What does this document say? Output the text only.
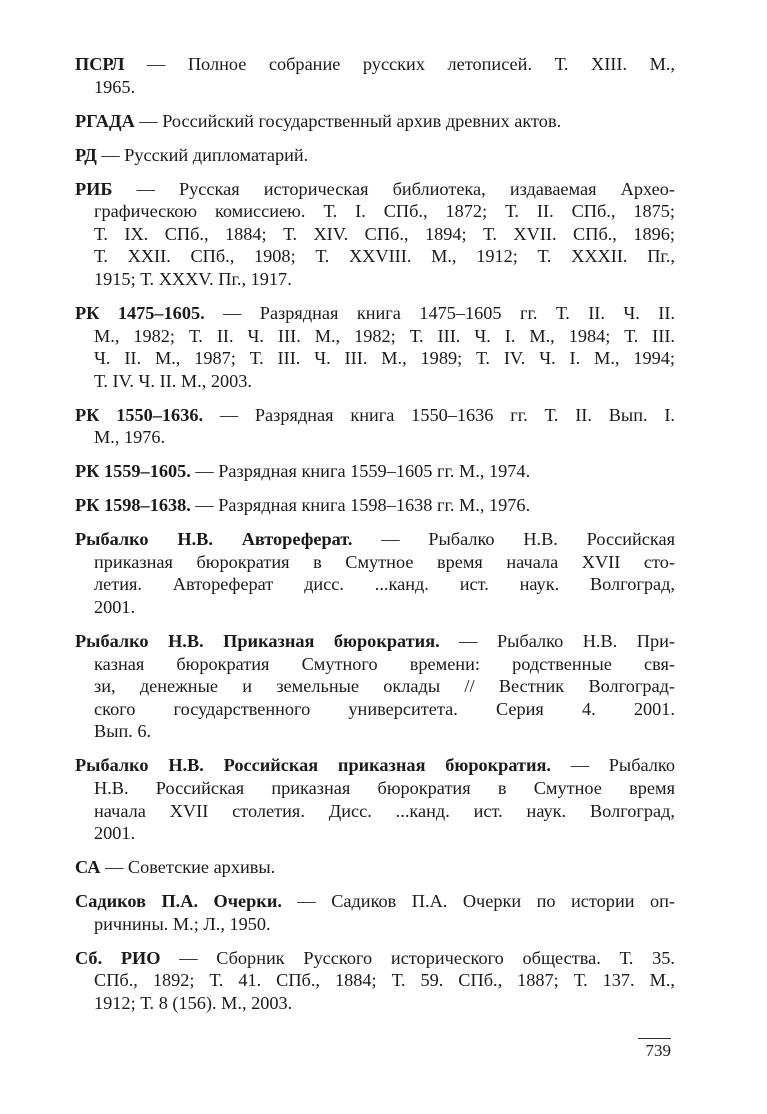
ПСРЛ — Полное собрание русских летописей. Т. XIII. М.,
1965.
РГАДА — Российский государственный архив древних актов.
РД — Русский дипломатарий.
РИБ — Русская историческая библиотека, издаваемая Архео-
графическою комиссиею. Т. I. СПб., 1872; Т. II. СПб., 1875;
Т. IX. СПб., 1884; Т. XIV. СПб., 1894; Т. XVII. СПб., 1896;
Т. XXII. СПб., 1908; Т. XXVIII. М., 1912; Т. XXXII. Пг.,
1915; Т. XXXV. Пг., 1917.
РК 1475–1605. — Разрядная книга 1475–1605 гг. Т. II. Ч. II.
М., 1982; Т. II. Ч. III. М., 1982; Т. III. Ч. I. М., 1984; Т. III.
Ч. II. М., 1987; Т. III. Ч. III. М., 1989; Т. IV. Ч. I. М., 1994;
Т. IV. Ч. II. М., 2003.
РК 1550–1636. — Разрядная книга 1550–1636 гг. Т. II. Вып. I.
М., 1976.
РК 1559–1605. — Разрядная книга 1559–1605 гг. М., 1974.
РК 1598–1638. — Разрядная книга 1598–1638 гг. М., 1976.
Рыбалко Н.В. Автореферат. — Рыбалко Н.В. Российская
приказная бюрократия в Смутное время начала XVII сто-
летия. Автореферат дисс. ...канд. ист. наук. Волгоград,
2001.
Рыбалко Н.В. Приказная бюрократия. — Рыбалко Н.В. При-
казная бюрократия Смутного времени: родственные свя-
зи, денежные и земельные оклады // Вестник Волгоград-
ского государственного университета. Серия 4. 2001.
Вып. 6.
Рыбалко Н.В. Российская приказная бюрократия. — Рыбалко
Н.В. Российская приказная бюрократия в Смутное время
начала XVII столетия. Дисс. ...канд. ист. наук. Волгоград,
2001.
СА — Советские архивы.
Садиков П.А. Очерки. — Садиков П.А. Очерки по истории оп-
ричнины. М.; Л., 1950.
Сб. РИО — Сборник Русского исторического общества. Т. 35.
СПб., 1892; Т. 41. СПб., 1884; Т. 59. СПб., 1887; Т. 137. М.,
1912; Т. 8 (156). М., 2003.
739
